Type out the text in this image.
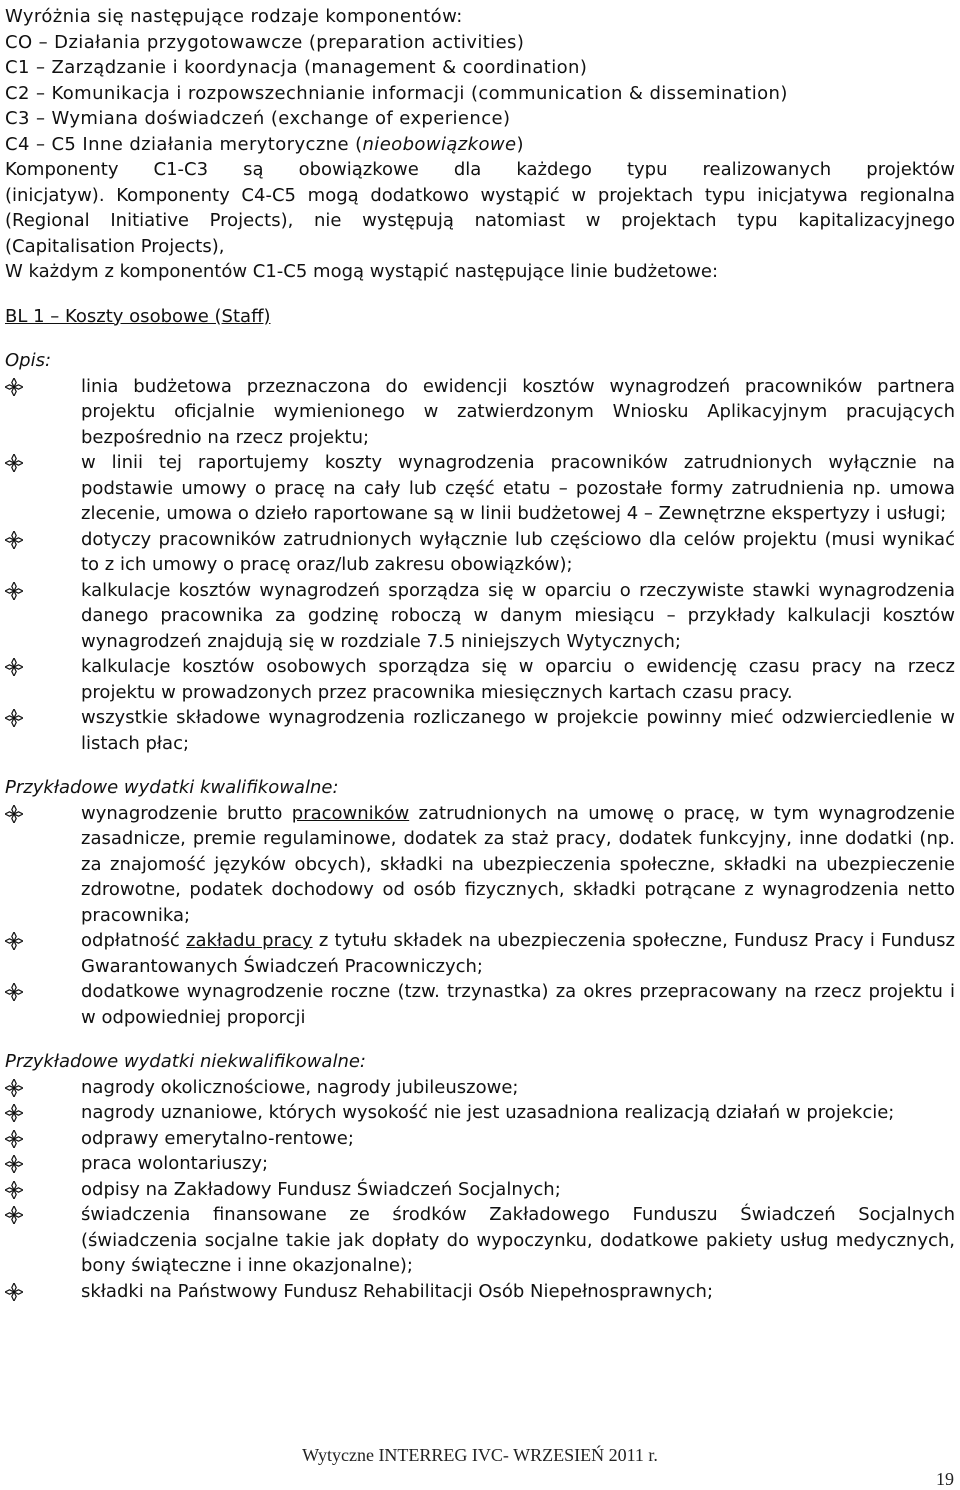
Wyróżnia się następujące rodzaje komponentów:
CO – Działania przygotowawcze (preparation activities)
C1 – Zarządzanie i koordynacja (management & coordination)
C2 – Komunikacja i rozpowszechnianie informacji (communication & dissemination)
C3 – Wymiana doświadczeń (exchange of experience)
C4 – C5 Inne działania merytoryczne (nieobowiązkowe)
Komponenty C1-C3 są obowiązkowe dla każdego typu realizowanych projektów
(inicjatyw). Komponenty C4-C5 mogą dodatkowo wystąpić w projektach typu inicjatywa regionalna (Regional Initiative Projects), nie występują natomiast w projektach typu kapitalizacyjnego (Capitalisation Projects),
W każdym z komponentów C1-C5 mogą wystąpić następujące linie budżetowe:
BL 1 – Koszty osobowe (Staff)
Opis:
linia budżetowa przeznaczona do ewidencji kosztów wynagrodzeń pracowników partnera projektu oficjalnie wymienionego w zatwierdzonym Wniosku Aplikacyjnym pracujących bezpośrednio na rzecz projektu;
w linii tej raportujemy koszty wynagrodzenia pracowników zatrudnionych wyłącznie na podstawie umowy o pracę na cały lub część etatu – pozostałe formy zatrudnienia np. umowa zlecenie, umowa o dzieło raportowane są w linii budżetowej 4 – Zewnętrzne ekspertyzy i usługi;
dotyczy pracowników zatrudnionych wyłącznie lub częściowo dla celów projektu (musi wynikać to z ich umowy o pracę oraz/lub zakresu obowiązków);
kalkulacje kosztów wynagrodzeń sporządza się w oparciu o rzeczywiste stawki wynagrodzenia danego pracownika za godzinę roboczą w danym miesiącu – przykłady kalkulacji kosztów wynagrodzeń znajdują się w rozdziale 7.5 niniejszych Wytycznych;
kalkulacje kosztów osobowych sporządza się w oparciu o ewidencję czasu pracy na rzecz projektu w prowadzonych przez pracownika miesięcznych kartach czasu pracy.
wszystkie składowe wynagrodzenia rozliczanego w projekcie powinny mieć odzwierciedlenie w listach płac;
Przykładowe wydatki kwalifikowalne:
wynagrodzenie brutto pracowników zatrudnionych na umowę o pracę, w tym wynagrodzenie zasadnicze, premie regulaminowe, dodatek za staż pracy, dodatek funkcyjny, inne dodatki (np. za znajomość języków obcych), składki na ubezpieczenia społeczne, składki na ubezpieczenie zdrowotne, podatek dochodowy od osób fizycznych, składki potrącane z wynagrodzenia netto pracownika;
odpłatność zakładu pracy z tytułu składek na ubezpieczenia społeczne, Fundusz Pracy i Fundusz Gwarantowanych Świadczeń Pracowniczych;
dodatkowe wynagrodzenie roczne (tzw. trzynastka) za okres przepracowany na rzecz projektu i w odpowiedniej proporcji
Przykładowe wydatki niekwalifikowalne:
nagrody okolicznościowe, nagrody jubileuszowe;
nagrody uznaniowe, których wysokość nie jest uzasadniona realizacją działań w projekcie;
odprawy emerytalno-rentowe;
praca wolontariuszy;
odpisy na Zakładowy Fundusz Świadczeń Socjalnych;
świadczenia finansowane ze środków Zakładowego Funduszu Świadczeń Socjalnych (świadczenia socjalne takie jak dopłaty do wypoczynku, dodatkowe pakiety usług medycznych, bony świąteczne i inne okazjonalne);
składki na Państwowy Fundusz Rehabilitacji Osób Niepełnosprawnych;
Wytyczne INTERREG IVC- WRZESIEŃ 2011 r.
19
